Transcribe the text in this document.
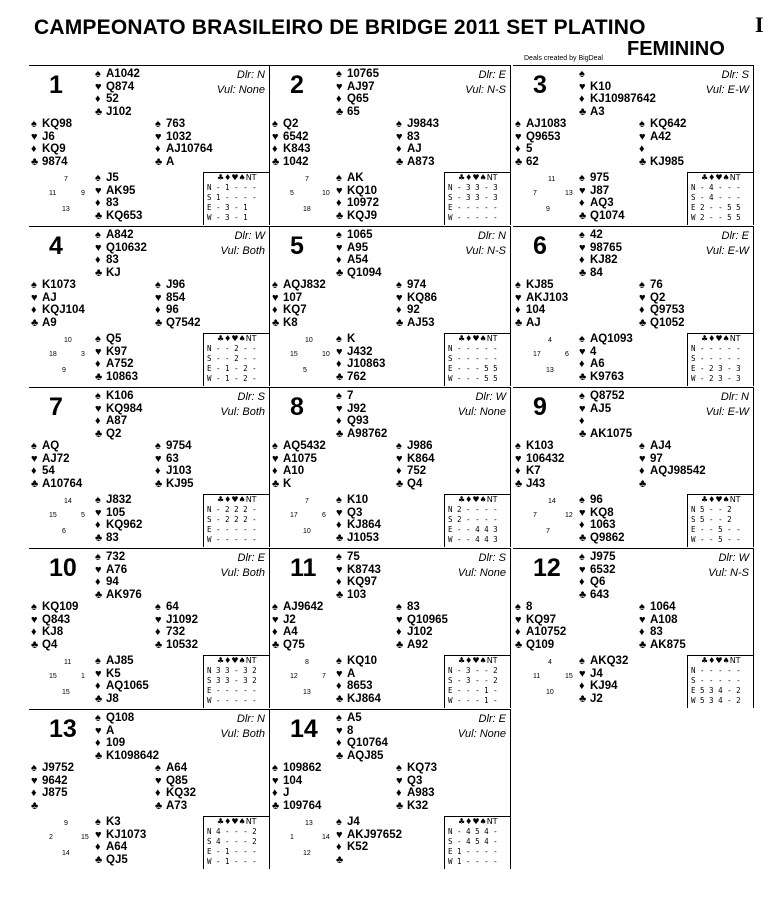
CAMPEONATO BRASILEIRO DE BRIDGE 2011 SET PLATINO	I
Deals created by BigDeal FEMININO
1	Dlr: N
Vul: None
♠ A1042
♥ Q874
♦ 52
♣ J102
♠ KQ98
♥ J6
♦ KQ9
♣ 9874
♠ 763
♥ 1032
♦ AJ10764
♣ A
♠ J5
♥ AK95
♦ 83
♣ KQ653
7
11	9
13
♣♦♥♠NT
N - 1 - - -
S 1 - - - -
E - 3 - 1
W - 3 - 1
2	Dlr: E
Vul: N-S
♠ 10765
♥ AJ97
♦ Q65
♣ 65
♠ Q2
♥ 6542
♦ K843
♣ 1042
♠ J9843
♥ 83
♦ AJ
♣ A873
♠ AK
♥ KQ10
♦ 10972
♣ KQJ9
7
5	10
18
♣♦♥♠NT
N - 3 3 - 3
S - 3 3 - 3
E - - - - -
W - - - - -
3	Dlr: S
Vul: E-W
♠
♥ K10
♦ KJ10987642
♣ A3
♠ AJ1083
♥ Q9653
♦ 5
♣ 62
♠ KQ642
♥ A42
♦
♣ KJ985
♠ 975
♥ J87
♦ AQ3
♣ Q1074
11
7	13
9
♣♦♥♠NT
N - 4 - - -
S - 4 - - -
E 2 - - 5 5
W 2 - - 5 5
4	Dlr: W
Vul: Both
♠ A842
♥ Q10632
♦ 83
♣ KJ
♠ K1073
♥ AJ
♦ KQJ104
♣ A9
♠ J96
♥ 854
♦ 96
♣ Q7542
♠ Q5
♥ K97
♦ A752
♣ 10863
10
18	3
9
♣♦♥♠NT
N - - 2 - -
S - - 2 - -
E - 1 - 2 -
W - 1 - 2 -
5	Dlr: N
Vul: N-S
♠ 1065
♥ A95
♦ A54
♣ Q1094
♠ AQJ832
♥ 107
♦ KQ7
♣ K8
♠ 974
♥ KQ86
♦ 92
♣ AJ53
♠ K
♥ J432
♦ J10863
♣ 762
10
15	10
5
♣♦♥♠NT
N - - - - -
S - - - - -
E - - - 5 5
W - - - 5 5
6	Dlr: E
Vul: E-W
♠ 42
♥ 98765
♦ KJ82
♣ 84
♠ KJ85
♥ AKJ103
♦ 104
♣ AJ
♠ 76
♥ Q2
♦ Q9753
♣ Q1052
♠ AQ1093
♥ 4
♦ A6
♣ K9763
4
17	6
13
♣♦♥♠NT
N - - - - -
S - - - - -
E - 2 3 - 3
W - 2 3 - 3
7	Dlr: S
Vul: Both
♠ K106
♥ KQ984
♦ A87
♣ Q2
♠ AQ
♥ AJ72
♦ 54
♣ A10764
♠ 9754
♥ 63
♦ J103
♣ KJ95
♠ J832
♥ 105
♦ KQ962
♣ 83
14
15	5
6
♣♦♥♠NT
N - 2 2 2 -
S - 2 2 2 -
E - - - - -
W - - - - -
8	Dlr: W
Vul: None
♠ 7
♥ J92
♦ Q93
♣ A98762
♠ AQ5432
♥ A1075
♦ A10
♣ K
♠ J986
♥ K864
♦ 752
♣ Q4
♠ K10
♥ Q3
♦ KJ864
♣ J1053
7
17	6
10
♣♦♥♠NT
N 2 - - - -
S 2 - - - -
E - - 4 4 3
W - - 4 4 3
9	Dlr: N
Vul: E-W
♠ Q8752
♥ AJ5
♦
♣ AK1075
♠ K103
♥ 106432
♦ K7
♣ J43
♠ AJ4
♥ 97
♦ AQJ98542
♣
♠ 96
♥ KQ8
♦ 1063
♣ Q9862
14
7	12
7
♣♦♥♠NT
N 5 - - 2
S 5 - - 2
E - - 5 - -
W - - 5 - -
10	Dlr: E
Vul: Both
♠ 732
♥ A76
♦ 94
♣ AK976
♠ KQ109
♥ Q843
♦ KJ8
♣ Q4
♠ 64
♥ J1092
♦ 732
♣ 10532
♠ AJ85
♥ K5
♦ AQ1065
♣ J8
11
15	1
15
♣♦♥♠NT
N 3 3 - 3 2
S 3 3 - 3 2
E - - - - -
W - - - - -
11	Dlr: S
Vul: None
♠ 75
♥ K8743
♦ KQ97
♣ 103
♠ AJ9642
♥ J2
♦ A4
♣ Q75
♠ 83
♥ Q10965
♦ J102
♣ A92
♠ KQ10
♥ A
♦ 8653
♣ KJ864
8
12	7
13
♣♦♥♠NT
N - 3 - - 2
S - 3 - - 2
E - - - 1 -
W - - - 1 -
12	Dlr: W
Vul: N-S
♠ J975
♥ 6532
♦ Q6
♣ 643
♠ 8
♥ KQ97
♦ A10752
♣ Q109
♠ 1064
♥ A108
♦ 83
♣ AK875
♠ AKQ32
♥ J4
♦ KJ94
♣ J2
4
11	15
10
♣♦♥♠NT
N - - - - -
S - - - - -
E 5 3 4 - 2
W 5 3 4 - 2
13	Dlr: N
Vul: Both
♠ Q108
♥ A
♦ 109
♣ K1098642
♠ J9752
♥ 9642
♦ J875
♣
♠ A64
♥ Q85
♦ KQ32
♣ A73
♠ K3
♥ KJ1073
♦ A64
♣ QJ5
9
2	15
14
♣♦♥♠NT
N 4 - - - 2
S 4 - - - 2
E - 1 - - -
W - 1 - - -
14	Dlr: E
Vul: None
♠ A5
♥ 8
♦ Q10764
♣ AQJ85
♠ 109862
♥ 104
♦ J
♣ 109764
♠ KQ73
♥ Q3
♦ A983
♣ K32
♠ J4
♥ AKJ97652
♦ K52
♣
13
1	14
12
♣♦♥♠NT
N - 4 5 4 -
S - 4 5 4 -
E 1 - - - -
W 1 - - - -
